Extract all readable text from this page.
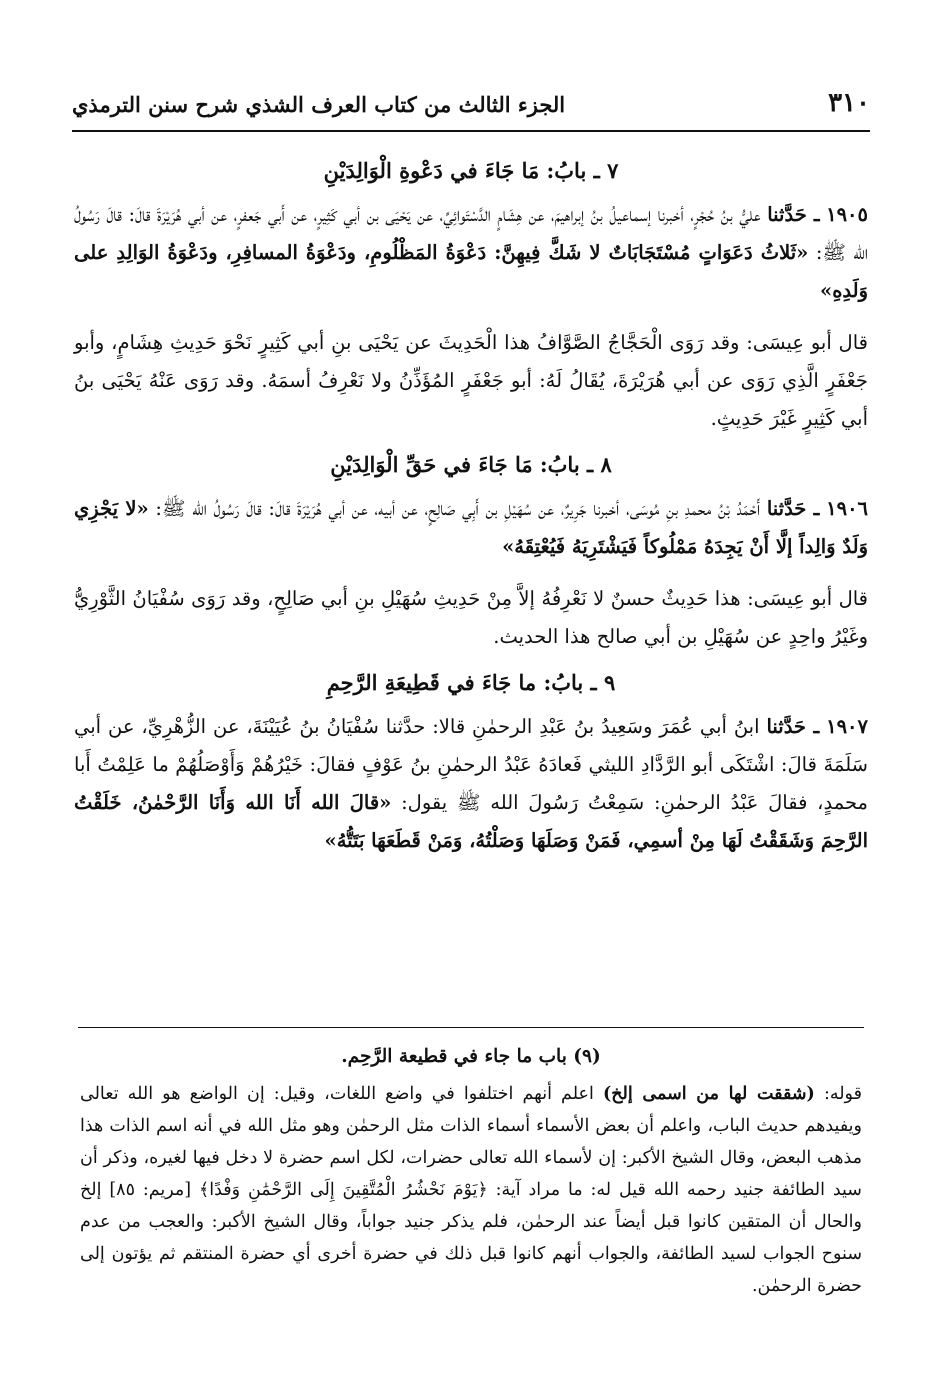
٣١٠
الجزء الثالث من كتاب العرف الشذي شرح سنن الترمذي
٧ ـ بابُ: مَا جَاءَ في دَعْوةِ الْوَالِدَيْنِ

١٩٠٥ ـ حَدَّثنا عليُّ بنُ حُجْرٍ، أخبرنا إسماعيلُ بنُ إبراهيمَ، عن هِشَامٍ الدَّسْتَوائِيِّ، عن يَحْيَى بن أبي كَثِيرٍ، عن أَبي جَعفرٍ، عن أبي هُرَيْرَةَ قالَ: قالَ رَسُولُ الله ﷺ: «ثَلاثُ دَعَوَاتٍ مُسْتَجَابَاتٌ لا شَكَّ فِيهِنَّ: دَعْوَةُ المَظْلُومِ، ودَعْوَةُ المسافِرِ، ودَعْوَةُ الوَالِدِ على وَلَدِهِ»

قال أبو عِيسَى: وقد رَوَى الْحَجَّاجُ الصَّوَّافُ هذا الْحَدِيثَ عن يَحْيَى بنِ أبي كَثِيرٍ نَحْوَ حَدِيثِ هِشَامٍ، وأبو جَعْفَرٍ الَّذِي رَوَى عن أبي هُرَيْرَةَ، يُقَالُ لَهُ: أبو جَعْفَرٍ المُؤَذِّنُ ولا نَعْرِفُ أسمَهُ. وقد رَوَى عَنْهُ يَحْيَى بنُ أبي كَثِيرٍ غَيْرَ حَدِيثٍ.

٨ ـ بابُ: مَا جَاءَ في حَقِّ الْوَالِدَيْنِ

١٩٠٦ ـ حَدَّثنا أَحْمَدُ بْنُ محمدِ بنِ مُوسَى، أخبرنا جَرِيرٌ، عن سُهَيْلِ بن أَبِي صَالِحٍ، عن أبيه، عن أبي هُرَيْرَةَ قالَ: قالَ رَسُولُ الله ﷺ: «لا يَجْزِي وَلَدٌ وَالِداً إلَّا أَنْ يَجِدَهُ مَمْلُوكاً فَيَشْتَرِيَهُ فَيُعْتِقَهُ»

قال أبو عِيسَى: هذا حَدِيثٌ حسنٌ لا نَعْرِفُهُ إلاَّ مِنْ حَدِيثِ سُهَيْلِ بنِ أبي صَالِحٍ، وقد رَوَى سُفْيَانُ الثَّوْرِيُّ وغَيْرُ واحِدٍ عن سُهَيْلِ بن أبي صالح هذا الحديث.

٩ ـ بابُ: ما جَاءَ في قَطِيعَةِ الرَّحِمِ

١٩٠٧ ـ حَدَّثنا ابنُ أبي عُمَرَ وسَعِيدُ بنُ عَبْدِ الرحمٰنِ قالا: حدَّثنا سُفْيَانُ بنُ عُيَيْنَةَ، عن الزُّهْرِيِّ، عن أبي سَلَمَةَ قالَ: اشْتَكَى أبو الرَّدَّادِ الليثي فَعادَهُ عَبْدُ الرحمٰنِ بنُ عَوْفٍ فقالَ: خَيْرُهُمْ وَأَوْصَلُهُمْ ما عَلِمْتُ أَبا محمدٍ، فقالَ عَبْدُ الرحمٰنِ: سَمِعْتُ رَسُولَ الله ﷺ يقول: «قالَ الله أَنَا الله وَأَنَا الرَّحْمٰنُ، خَلَقْتُ الرَّحِمَ وَشَقَقْتُ لَهَا مِنْ أسمِي، فَمَنْ وَصَلَهَا وَصَلْتُهُ، وَمَنْ قَطَعَهَا بَتَتُّهُ»

(٩) باب ما جاء في قطيعة الرَّحِم.

قوله: (شققت لها من اسمى إلخ) اعلم أنهم اختلفوا في واضع اللغات، وقيل: إن الواضع هو الله تعالى ويفيدهم حديث الباب، واعلم أن بعض الأسماء أسماء الذات مثل الرحمٰن وهو مثل الله في أنه اسم الذات هذا مذهب البعض، وقال الشيخ الأكبر: إن لأسماء الله تعالى حضرات، لكل اسم حضرة لا دخل فيها لغيره، وذكر أن سيد الطائفة جنيد رحمه الله قيل له: ما مراد آية: ﴿يَوْمَ نَحْشُرُ الْمُتَّقِينَ إِلَى الرَّحْمَٰنِ وَفْدًا﴾ [مريم: ٨٥] إلخ والحال أن المتقين كانوا قبل أيضاً عند الرحمٰن، فلم يذكر جنيد جواباً، وقال الشيخ الأكبر: والعجب من عدم سنوح الجواب لسيد الطائفة، والجواب أنهم كانوا قبل ذلك في حضرة أخرى أي حضرة المنتقم ثم يؤتون إلى حضرة الرحمٰن.
